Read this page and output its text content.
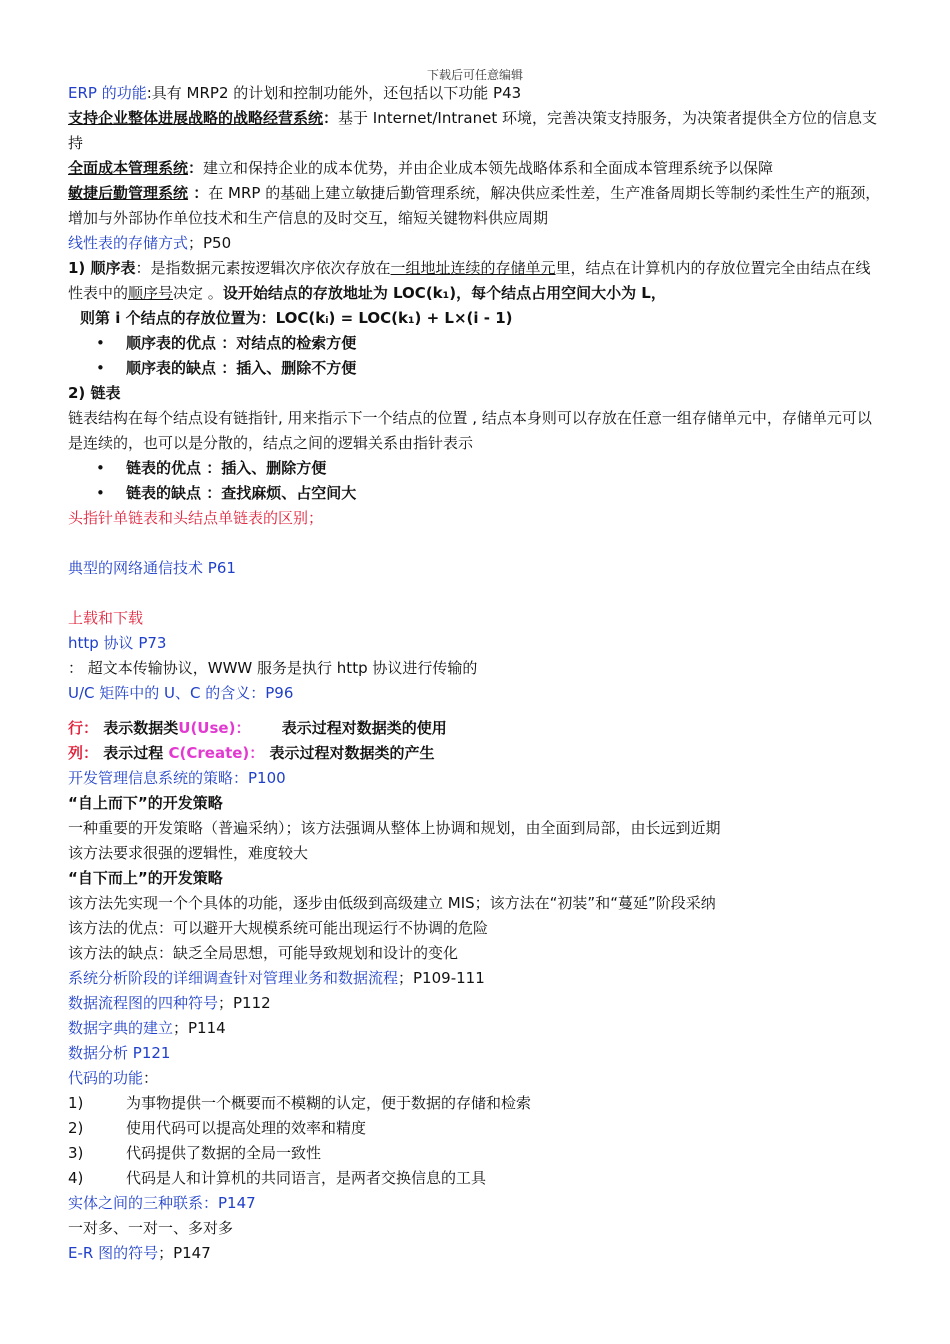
下载后可任意编辑

ERP 的功能:具有 MRP2 的计划和控制功能外，还包括以下功能 P43

支持企业整体进展战略的战略经营系统：基于 Internet/Intranet 环境，完善决策支持服务，为决策者提供全方位的信息支持

全面成本管理系统：建立和保持企业的成本优势，并由企业成本领先战略体系和全面成本管理系统予以保障

敏捷后勤管理系统 ：在 MRP 的基础上建立敏捷后勤管理系统，解决供应柔性差，生产准备周期长等制约柔性生产的瓶颈，增加与外部协作单位技术和生产信息的及时交互，缩短关键物料供应周期

线性表的存储方式；P50

1) 顺序表：是指数据元素按逻辑次序依次存放在一组地址连续的存储单元里，结点在计算机内的存放位置完全由结点在线性表中的顺序号决定 。设开始结点的存放地址为 LOC(k₁)，每个结点占用空间大小为 L，

则第 i 个结点的存放位置为：LOC(kᵢ) = LOC(k₁) + L×(i - 1)

• 顺序表的优点 ：对结点的检索方便

• 顺序表的缺点 ：插入、删除不方便

2) 链表

链表结构在每个结点设有链指针, 用来指示下一个结点的位置 , 结点本身则可以存放在任意一组存储单元中，存储单元可以是连续的，也可以是分散的，结点之间的逻辑关系由指针表示

• 链表的优点 ：插入、删除方便

• 链表的缺点 ：查找麻烦、占空间大

头指针单链表和头结点单链表的区别；

典型的网络通信技术 P61

上载和下载

http 协议 P73

： 超文本传输协议，WWW 服务是执行 http 协议进行传输的

U/C 矩阵中的 U、C 的含义：P96

行： 表示数据类U(Use)： 表示过程对数据类的使用

列： 表示过程 C(Create)： 表示过程对数据类的产生

开发管理信息系统的策略：P100

“自上而下”的开发策略

一种重要的开发策略（普遍采纳）；该方法强调从整体上协调和规划，由全面到局部，由长远到近期

该方法要求很强的逻辑性，难度较大

“自下而上”的开发策略

该方法先实现一个个具体的功能，逐步由低级到高级建立 MIS；该方法在“初装”和“蔓延”阶段采纳

该方法的优点：可以避开大规模系统可能出现运行不协调的危险

该方法的缺点：缺乏全局思想，可能导致规划和设计的变化

系统分析阶段的详细调查针对管理业务和数据流程；P109-111

数据流程图的四种符号；P112

数据字典的建立；P114

数据分析 P121

代码的功能：

1)	为事物提供一个概要而不模糊的认定，便于数据的存储和检索

2)	使用代码可以提高处理的效率和精度

3)	代码提供了数据的全局一致性

4)	代码是人和计算机的共同语言，是两者交换信息的工具

实体之间的三种联系：P147

一对多、一对一、多对多

E-R 图的符号；P147
